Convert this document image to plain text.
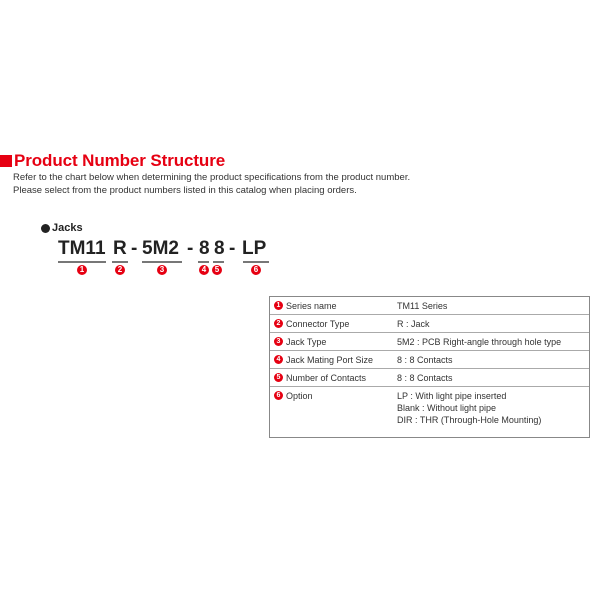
Product Number Structure
Refer to the chart below when determining the product specifications from the product number.
Please select from the product numbers listed in this catalog when placing orders.
Jacks
TM11 R - 5M2 - 8 8 - LP
1	2	3	4	5	6
1 Series name	TM11 Series
2 Connector Type	R : Jack
3 Jack Type	5M2 : PCB Right-angle through hole type
4 Jack Mating Port Size	8 : 8 Contacts
5 Number of Contacts	8 : 8 Contacts
6 Option	LP : With light pipe inserted
Blank : Without light pipe
DIR : THR (Through-Hole Mounting)
